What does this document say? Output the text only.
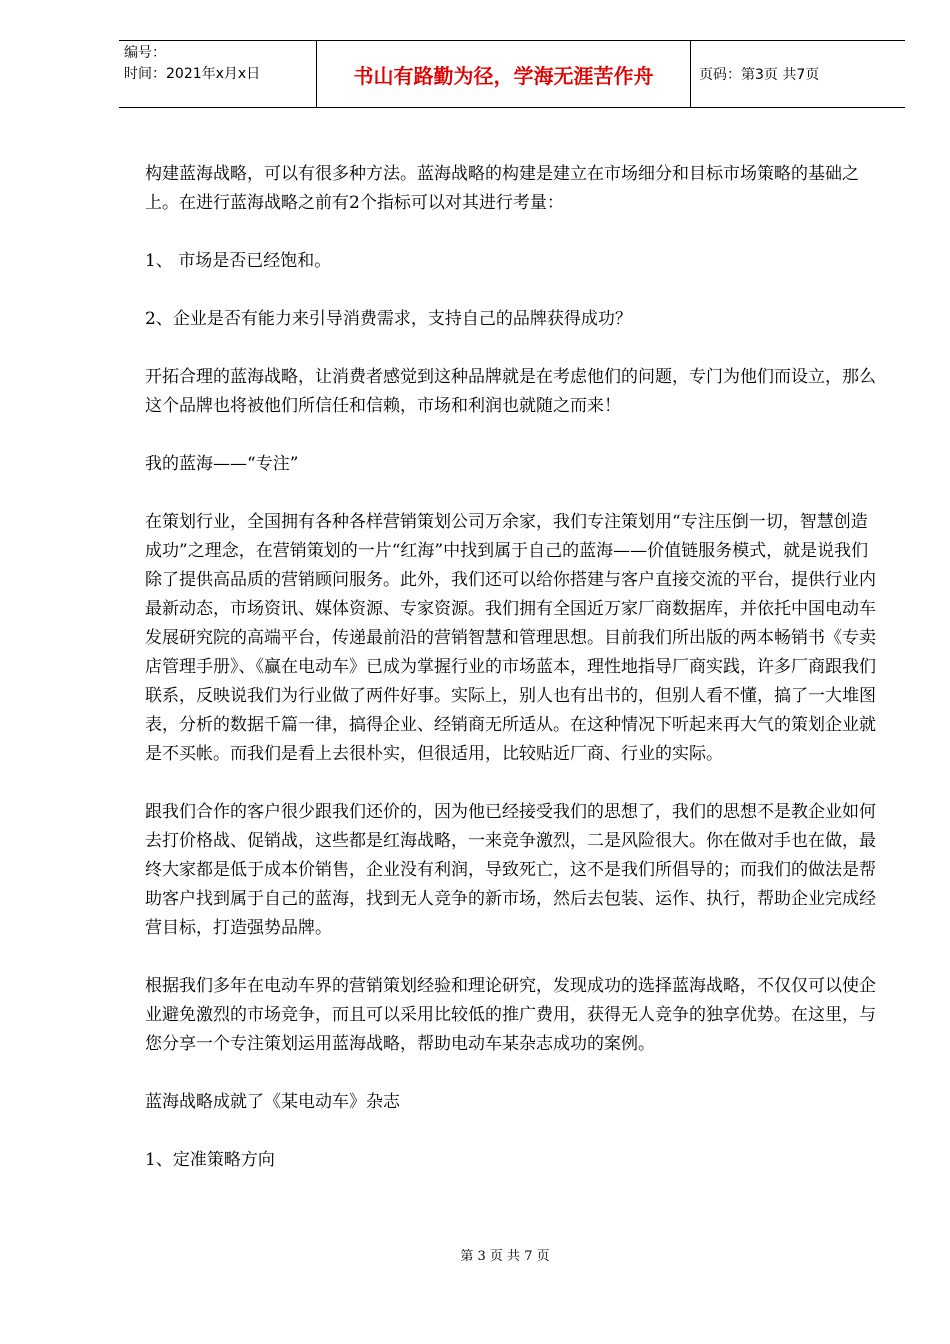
编号：
时间：2021年x月x日	书山有路勤为径，学海无涯苦作舟	页码：第3页 共7页

构建蓝海战略，可以有很多种方法。蓝海战略的构建是建立在市场细分和目标市场策略的基础之上。在进行蓝海战略之前有2个指标可以对其进行考量：

1、 市场是否已经饱和。

2、企业是否有能力来引导消费需求，支持自己的品牌获得成功？

开拓合理的蓝海战略，让消费者感觉到这种品牌就是在考虑他们的问题，专门为他们而设立，那么这个品牌也将被他们所信任和信赖，市场和利润也就随之而来！

我的蓝海——“专注”

在策划行业，全国拥有各种各样营销策划公司万余家，我们专注策划用“专注压倒一切，智慧创造成功”之理念，在营销策划的一片“红海”中找到属于自己的蓝海——价值链服务模式，就是说我们除了提供高品质的营销顾问服务。此外，我们还可以给你搭建与客户直接交流的平台，提供行业内最新动态，市场资讯、媒体资源、专家资源。我们拥有全国近万家厂商数据库，并依托中国电动车发展研究院的高端平台，传递最前沿的营销智慧和管理思想。目前我们所出版的两本畅销书《专卖店管理手册》、《赢在电动车》已成为掌握行业的市场蓝本，理性地指导厂商实践，许多厂商跟我们联系，反映说我们为行业做了两件好事。实际上，别人也有出书的，但别人看不懂，搞了一大堆图表，分析的数据千篇一律，搞得企业、经销商无所适从。在这种情况下听起来再大气的策划企业就是不买帐。而我们是看上去很朴实，但很适用，比较贴近厂商、行业的实际。

跟我们合作的客户很少跟我们还价的，因为他已经接受我们的思想了，我们的思想不是教企业如何去打价格战、促销战，这些都是红海战略，一来竞争激烈，二是风险很大。你在做对手也在做，最终大家都是低于成本价销售，企业没有利润，导致死亡，这不是我们所倡导的；而我们的做法是帮助客户找到属于自己的蓝海，找到无人竞争的新市场，然后去包装、运作、执行，帮助企业完成经营目标，打造强势品牌。

根据我们多年在电动车界的营销策划经验和理论研究，发现成功的选择蓝海战略，不仅仅可以使企业避免激烈的市场竞争，而且可以采用比较低的推广费用，获得无人竞争的独享优势。在这里，与您分享一个专注策划运用蓝海战略，帮助电动车某杂志成功的案例。

蓝海战略成就了《某电动车》杂志

1、定准策略方向

第 3 页 共 7 页
